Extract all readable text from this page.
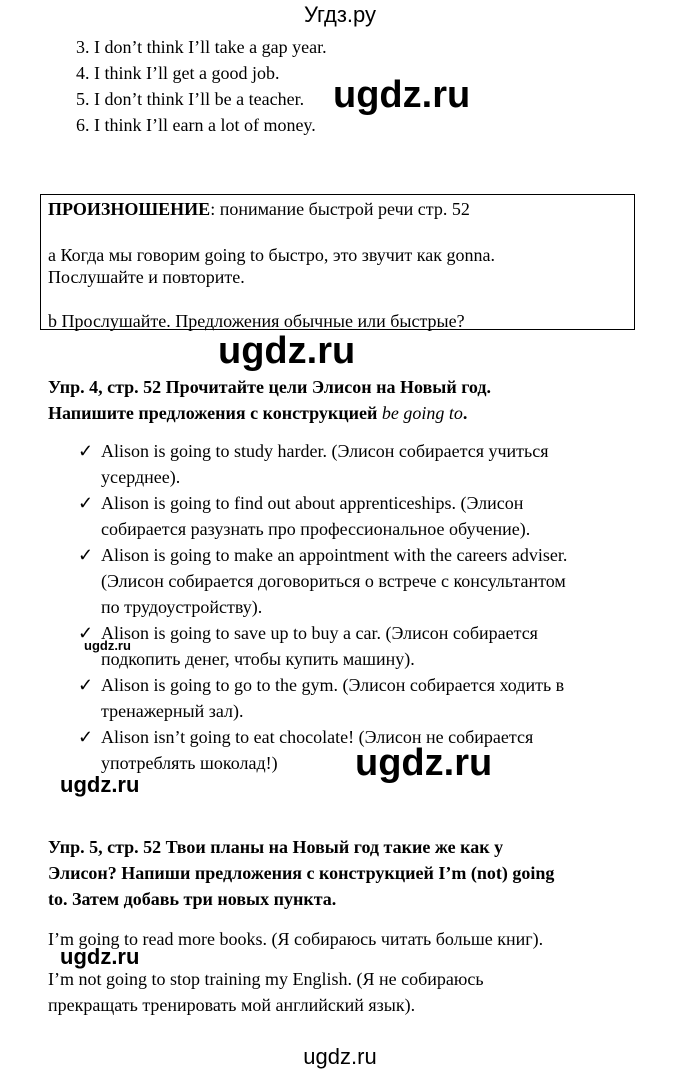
Угдз.ру
3. I don’t think I’ll take a gap year.
4. I think I’ll get a good job.
5. I don’t think I’ll be a teacher.
6. I think I’ll earn a lot of money.
ugdz.ru
ПРОИЗНОШЕНИЕ: понимание быстрой речи стр. 52
a Когда мы говорим going to быстро, это звучит как gonna.
Послушайте и повторите.
b Прослушайте. Предложения обычные или быстрые?
ugdz.ru
Упр. 4, стр. 52 Прочитайте цели Элисон на Новый год.
Напишите предложения с конструкцией be going to.
✓ Alison is going to study harder. (Элисон собирается учиться
усерднее).
✓ Alison is going to find out about apprenticeships. (Элисон
собирается разузнать про профессиональное обучение).
✓ Alison is going to make an appointment with the careers adviser.
(Элисон собирается договориться о встрече с консультантом
по трудоустройству).
✓ Alison is going to save up to buy a car. (Элисон собирается
ugdz.ru
подкопить денег, чтобы купить машину).
✓ Alison is going to go to the gym. (Элисон собирается ходить в
тренажерный зал).
✓ Alison isn’t going to eat chocolate! (Элисон не собирается
употреблять шоколад!) ugdz.ru
ugdz.ru
Упр. 5, стр. 52 Твои планы на Новый год такие же как у
Элисон? Напиши предложения с конструкцией I’m (not) going
to. Затем добавь три новых пункта.
I’m going to read more books. (Я собираюсь читать больше книг).
ugdz.ru
I’m not going to stop training my English. (Я не собираюсь
прекращать тренировать мой английский язык).
ugdz.ru
